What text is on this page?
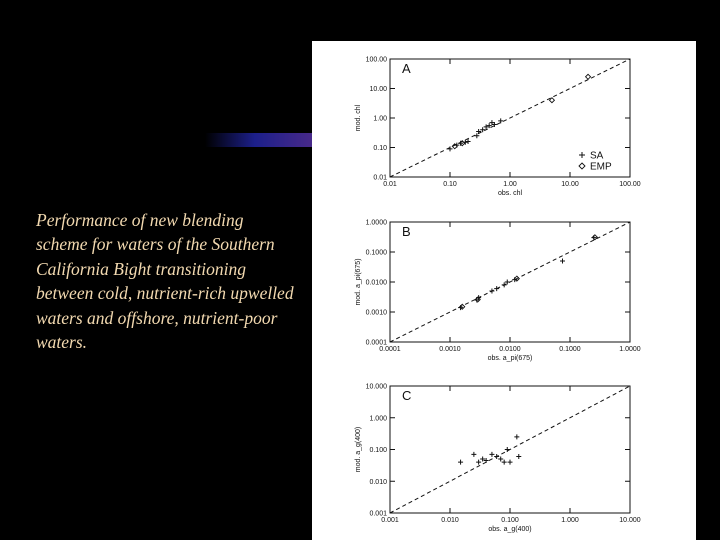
Performance of new blending scheme for waters of the Southern California Bight transitioning between cold, nutrient-rich upwelled waters and offshore, nutrient-poor waters.

0.01	0.10	1.00	10.00	100.00
0.01
0.10
1.00
10.00
100.00
A
obs. chl
mod. chl
SA
EMP
0.0001	0.0010	0.0100	0.1000	1.0000
0.0001
0.0010
0.0100
0.1000
1.0000
B
obs. a_pi(675)
mod. a_pi(675)
0.001	0.010	0.100	1.000	10.000
0.001
0.010
0.100
1.000
10.000
C
obs. a_g(400)
mod. a_g(400)
